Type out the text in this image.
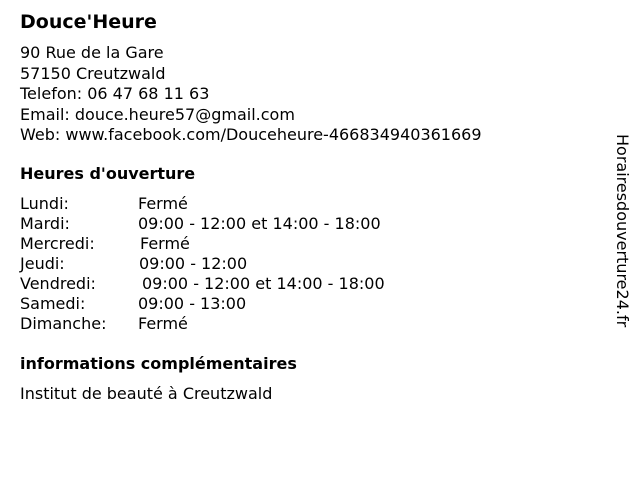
Douce'Heure
90 Rue de la Gare
57150 Creutzwald
Telefon: 06 47 68 11 63
Email: douce.heure57@gmail.com
Web: www.facebook.com/Douceheure-466834940361669
Heures d'ouverture
Lundi:	Fermé
Mardi:	09:00 - 12:00 et 14:00 - 18:00
Mercredi:	Fermé
Jeudi:	09:00 - 12:00
Vendredi:	09:00 - 12:00 et 14:00 - 18:00
Samedi:	09:00 - 13:00
Dimanche: Fermé
informations complémentaires
Institut de beauté à Creutzwald
Horairesdouverture24.fr
